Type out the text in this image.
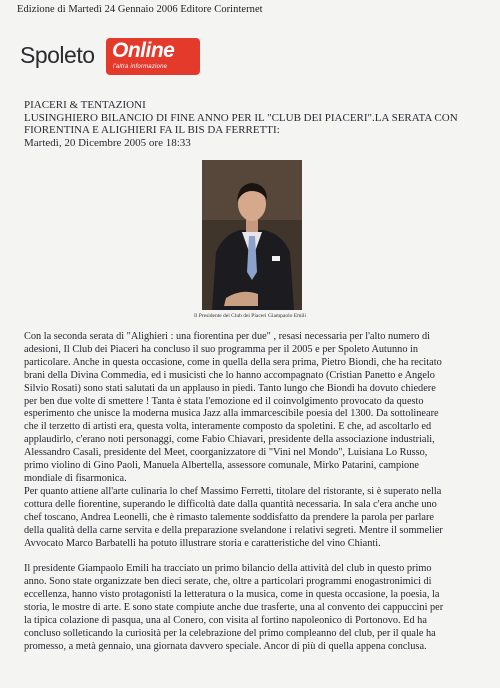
Edizione di Martedì 24 Gennaio 2006 Editore Corinternet
Spoleto Online
l'altra informazione
PIACERI & TENTAZIONI
LUSINGHIERO BILANCIO DI FINE ANNO PER IL "CLUB DEI PIACERI".LA SERATA CON
FIORENTINA E ALIGHIERI FA IL BIS DA FERRETTI:
Martedì, 20 Dicembre 2005 ore 18:33
Il Presidente del Club dei Piaceri Giampaolo Emili

Con la seconda serata di "Alighieri : una fiorentina per due" , resasi necessaria per l'alto numero di
adesioni, Il Club dei Piaceri ha concluso il suo programma per il 2005 e per Spoleto Autunno in
particolare. Anche in questa occasione, come in quella della sera prima, Pietro Biondi, che ha recitato
brani della Divina Commedia, ed i musicisti che lo hanno accompagnato (Cristian Panetto e Angelo
Silvio Rosati) sono stati salutati da un applauso in piedi. Tanto lungo che Biondi ha dovuto chiedere
per ben due volte di smettere ! Tanta è stata l'emozione ed il coinvolgimento provocato da questo
esperimento che unisce la moderna musica Jazz alla immarcescibile poesia del 1300. Da sottolineare
che il terzetto di artisti era, questa volta, interamente composto da spoletini. E che, ad ascoltarlo ed
applaudirlo, c'erano noti personaggi, come Fabio Chiavari, presidente della associazione industriali,
Alessandro Casali, presidente del Meet, coorganizzatore di "Vini nel Mondo", Luisiana Lo Russo,
primo violino di Gino Paoli, Manuela Albertella, assessore comunale, Mirko Patarini, campione
mondiale di fisarmonica.

Per quanto attiene all'arte culinaria lo chef Massimo Ferretti, titolare del ristorante, si è superato nella
cottura delle fiorentine, superando le difficoltà date dalla quantità necessaria. In sala c'era anche uno
chef toscano, Andrea Leonelli, che è rimasto talemente soddisfatto da prendere la parola per parlare
della qualità della carne servita e della preparazione svelandone i relativi segreti. Mentre il sommelier
Avvocato Marco Barbatelli ha potuto illustrare storia e caratteristiche del vino Chianti.

Il presidente Giampaolo Emili ha tracciato un primo bilancio della attività del club in questo primo
anno. Sono state organizzate ben dieci serate, che, oltre a particolari programmi enogastronimici di
eccellenza, hanno visto protagonisti la letteratura o la musica, come in questa occasione, la poesia, la
storia, le mostre di arte. E sono state compiute anche due trasferte, una al convento dei cappuccini per
la tipica colazione di pasqua, una al Conero, con visita al fortino napoleonico di Portonovo. Ed ha
concluso solleticando la curiosità per la celebrazione del primo compleanno del club, per il quale ha
promesso, a metà gennaio, una giornata davvero speciale. Ancor di più di quella appena conclusa.
